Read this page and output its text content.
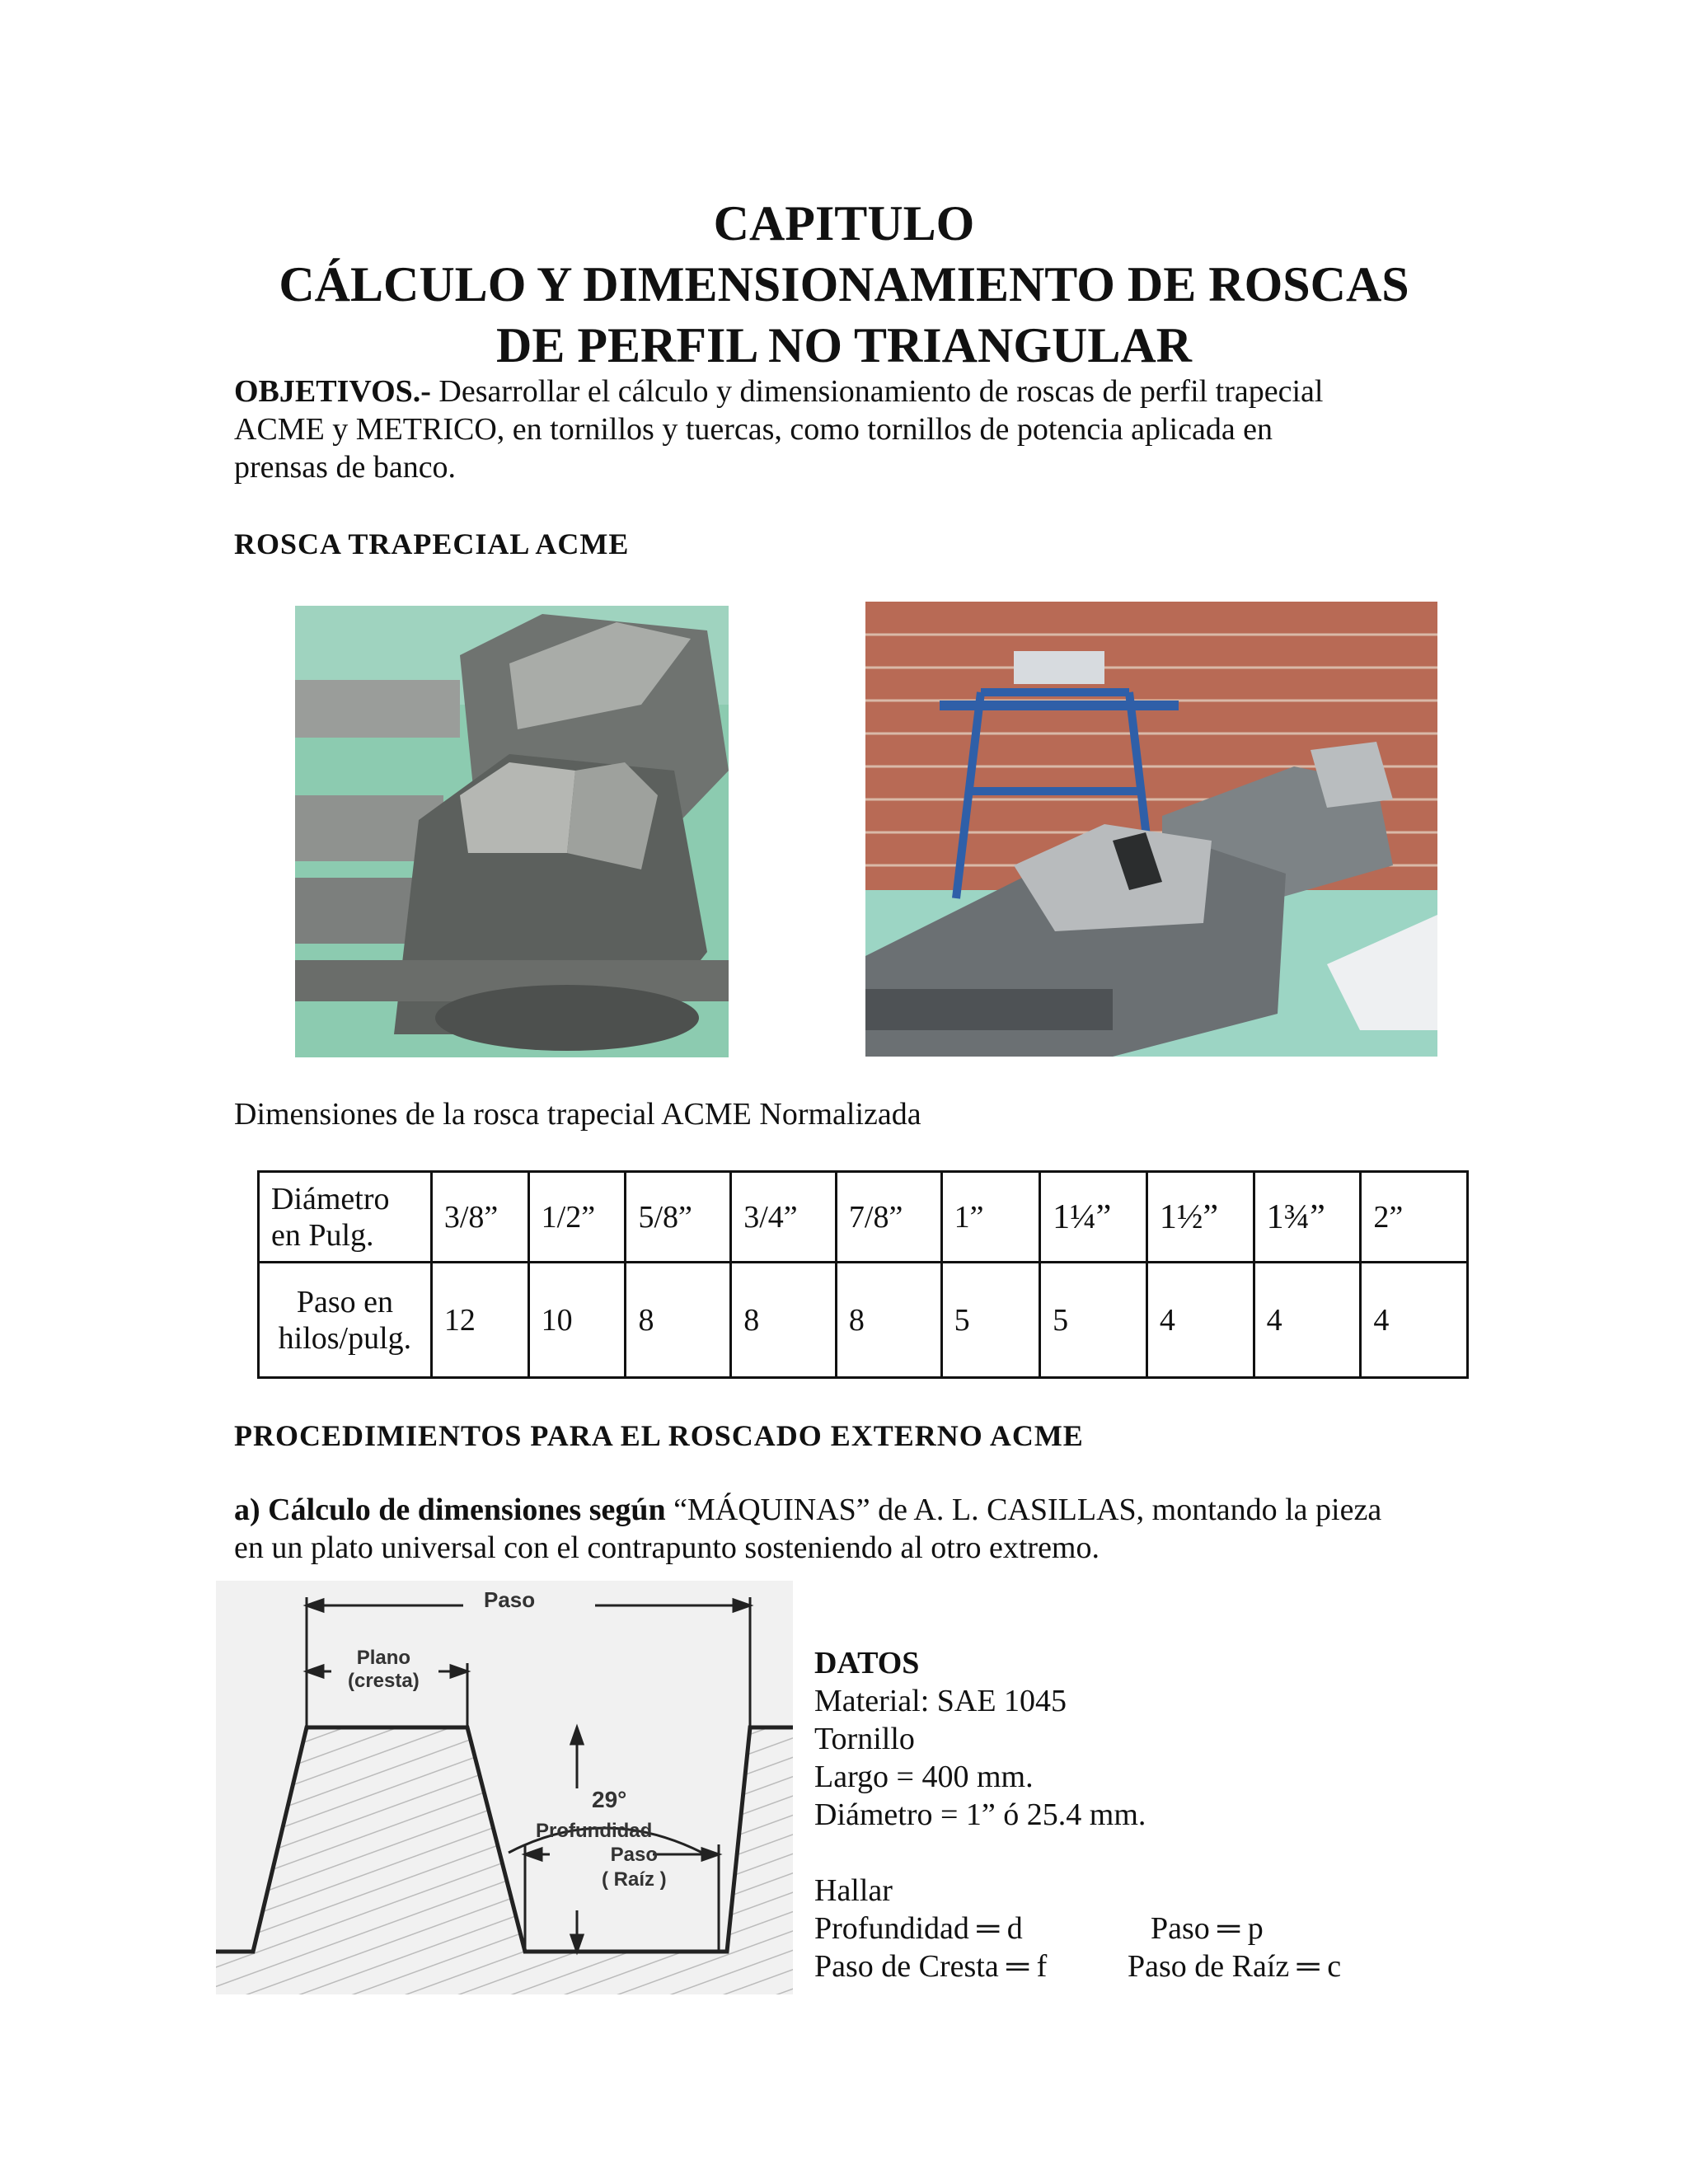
CAPITULO
CÁLCULO Y DIMENSIONAMIENTO DE ROSCAS
DE PERFIL NO TRIANGULAR
OBJETIVOS.- Desarrollar el cálculo y dimensionamiento de roscas de perfil trapecial
ACME y METRICO, en tornillos y tuercas, como tornillos de potencia aplicada en
prensas de banco.
ROSCA TRAPECIAL ACME
Dimensiones de la rosca trapecial ACME Normalizada
Diámetro
en Pulg.	3/8”	1/2”	5/8”	3/4”	7/8”	1”	1¼”	1½”	1¾”	2”

Paso en
hilos/pulg.	12	10	8	8	8	5	5	4	4	4
PROCEDIMIENTOS PARA EL ROSCADO EXTERNO ACME
a) Cálculo de dimensiones según “MÁQUINAS” de A. L. CASILLAS, montando la pieza
en un plato universal con el contrapunto sosteniendo al otro extremo.
Paso
Plano
(cresta)
29°
Profundidad
Paso
( Raíz )
DATOS
Material: SAE 1045
Tornillo
Largo = 400 mm.
Diámetro = 1” ó 25.4 mm.
Hallar
Profundidad ═ d	Paso ═ p
Paso de Cresta ═ f	Paso de Raíz ═ c
